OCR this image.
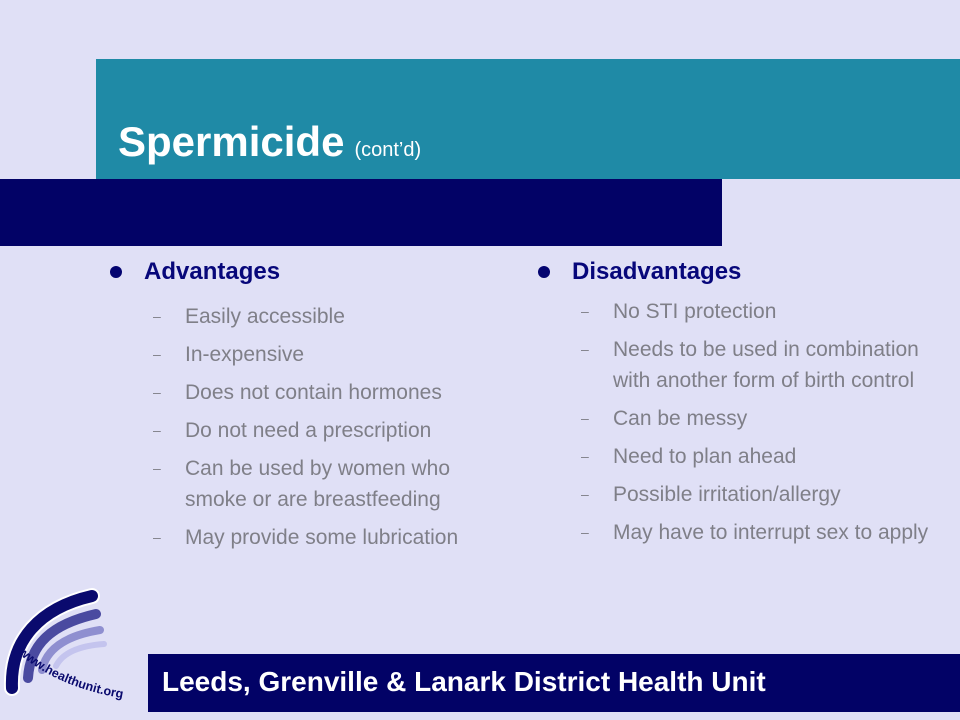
Spermicide (cont’d)
Advantages
– Easily accessible
– In-expensive
– Does not contain hormones
– Do not need a prescription
– Can be used by women who smoke or are breastfeeding
– May provide some lubrication
Disadvantages
– No STI protection
– Needs to be used in combination with another form of birth control
– Can be messy
– Need to plan ahead
– Possible irritation/allergy
– May have to interrupt sex to apply
www.healthunit.org Leeds, Grenville & Lanark District Health Unit
